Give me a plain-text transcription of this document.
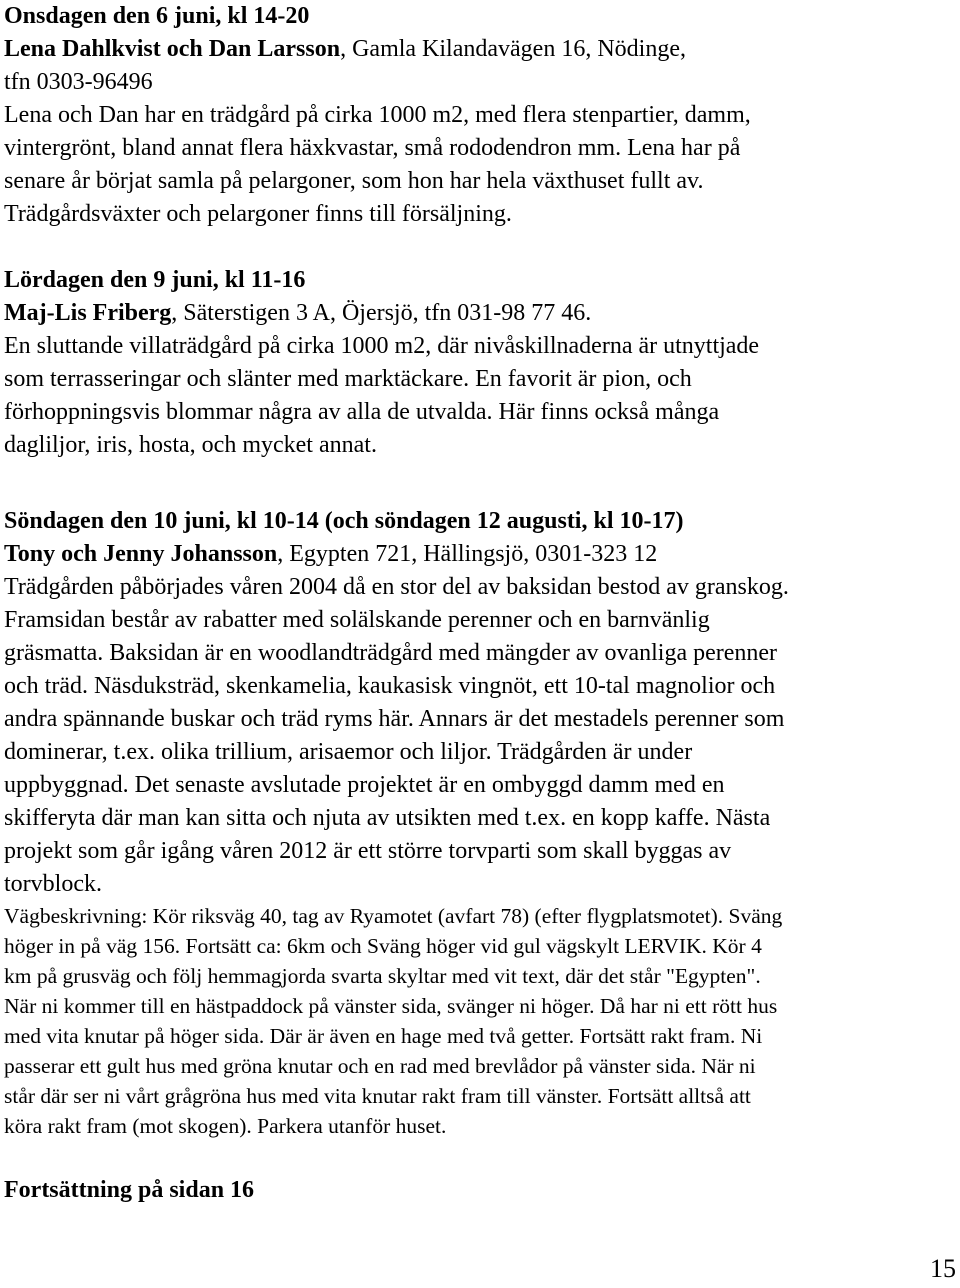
Onsdagen den 6 juni, kl 14-20
Lena Dahlkvist och Dan Larsson, Gamla Kilandavägen 16, Nödinge,
tfn 0303-96496
Lena och Dan har en trädgård på cirka 1000 m2, med flera stenpartier, damm,
vintergrönt, bland annat flera häxkvastar, små rododendron mm. Lena har på
senare år börjat samla på pelargoner, som hon har hela växthuset fullt av.
Trädgårdsväxter och pelargoner finns till försäljning.
Lördagen den 9 juni, kl 11-16
Maj-Lis Friberg, Säterstigen 3 A, Öjersjö, tfn 031-98 77 46.
En sluttande villaträdgård på cirka 1000 m2, där nivåskillnaderna är utnyttjade
som terrasseringar och slänter med marktäckare. En favorit är pion, och
förhoppningsvis blommar några av alla de utvalda. Här finns också många
dagliljor, iris, hosta, och mycket annat.
Söndagen den 10 juni, kl 10-14 (och söndagen 12 augusti, kl 10-17)
Tony och Jenny Johansson, Egypten 721, Hällingsjö, 0301-323 12
Trädgården påbörjades våren 2004 då en stor del av baksidan bestod av granskog.
Framsidan består av rabatter med solälskande perenner och en barnvänlig
gräsmatta. Baksidan är en woodlandträdgård med mängder av ovanliga perenner
och träd. Näsduksträd, skenkamelia, kaukasisk vingnöt, ett 10-tal magnolior och
andra spännande buskar och träd ryms här. Annars är det mestadels perenner som
dominerar, t.ex. olika trillium, arisaemor och liljor. Trädgården är under
uppbyggnad. Det senaste avslutade projektet är en ombyggd damm med en
skifferyta där man kan sitta och njuta av utsikten med t.ex. en kopp kaffe. Nästa
projekt som går igång våren 2012 är ett större torvparti som skall byggas av
torvblock.
Vägbeskrivning: Kör riksväg 40, tag av Ryamotet (avfart 78) (efter flygplatsmotet). Sväng
höger in på väg 156. Fortsätt ca: 6km och Sväng höger vid gul vägskylt LERVIK. Kör 4
km på grusväg och följ hemmagjorda svarta skyltar med vit text, där det står "Egypten".
När ni kommer till en hästpaddock på vänster sida, svänger ni höger. Då har ni ett rött hus
med vita knutar på höger sida. Där är även en hage med två getter. Fortsätt rakt fram. Ni
passerar ett gult hus med gröna knutar och en rad med brevlådor på vänster sida. När ni
står där ser ni vårt grågröna hus med vita knutar rakt fram till vänster. Fortsätt alltså att
köra rakt fram (mot skogen). Parkera utanför huset.
Fortsättning på sidan 16
15
